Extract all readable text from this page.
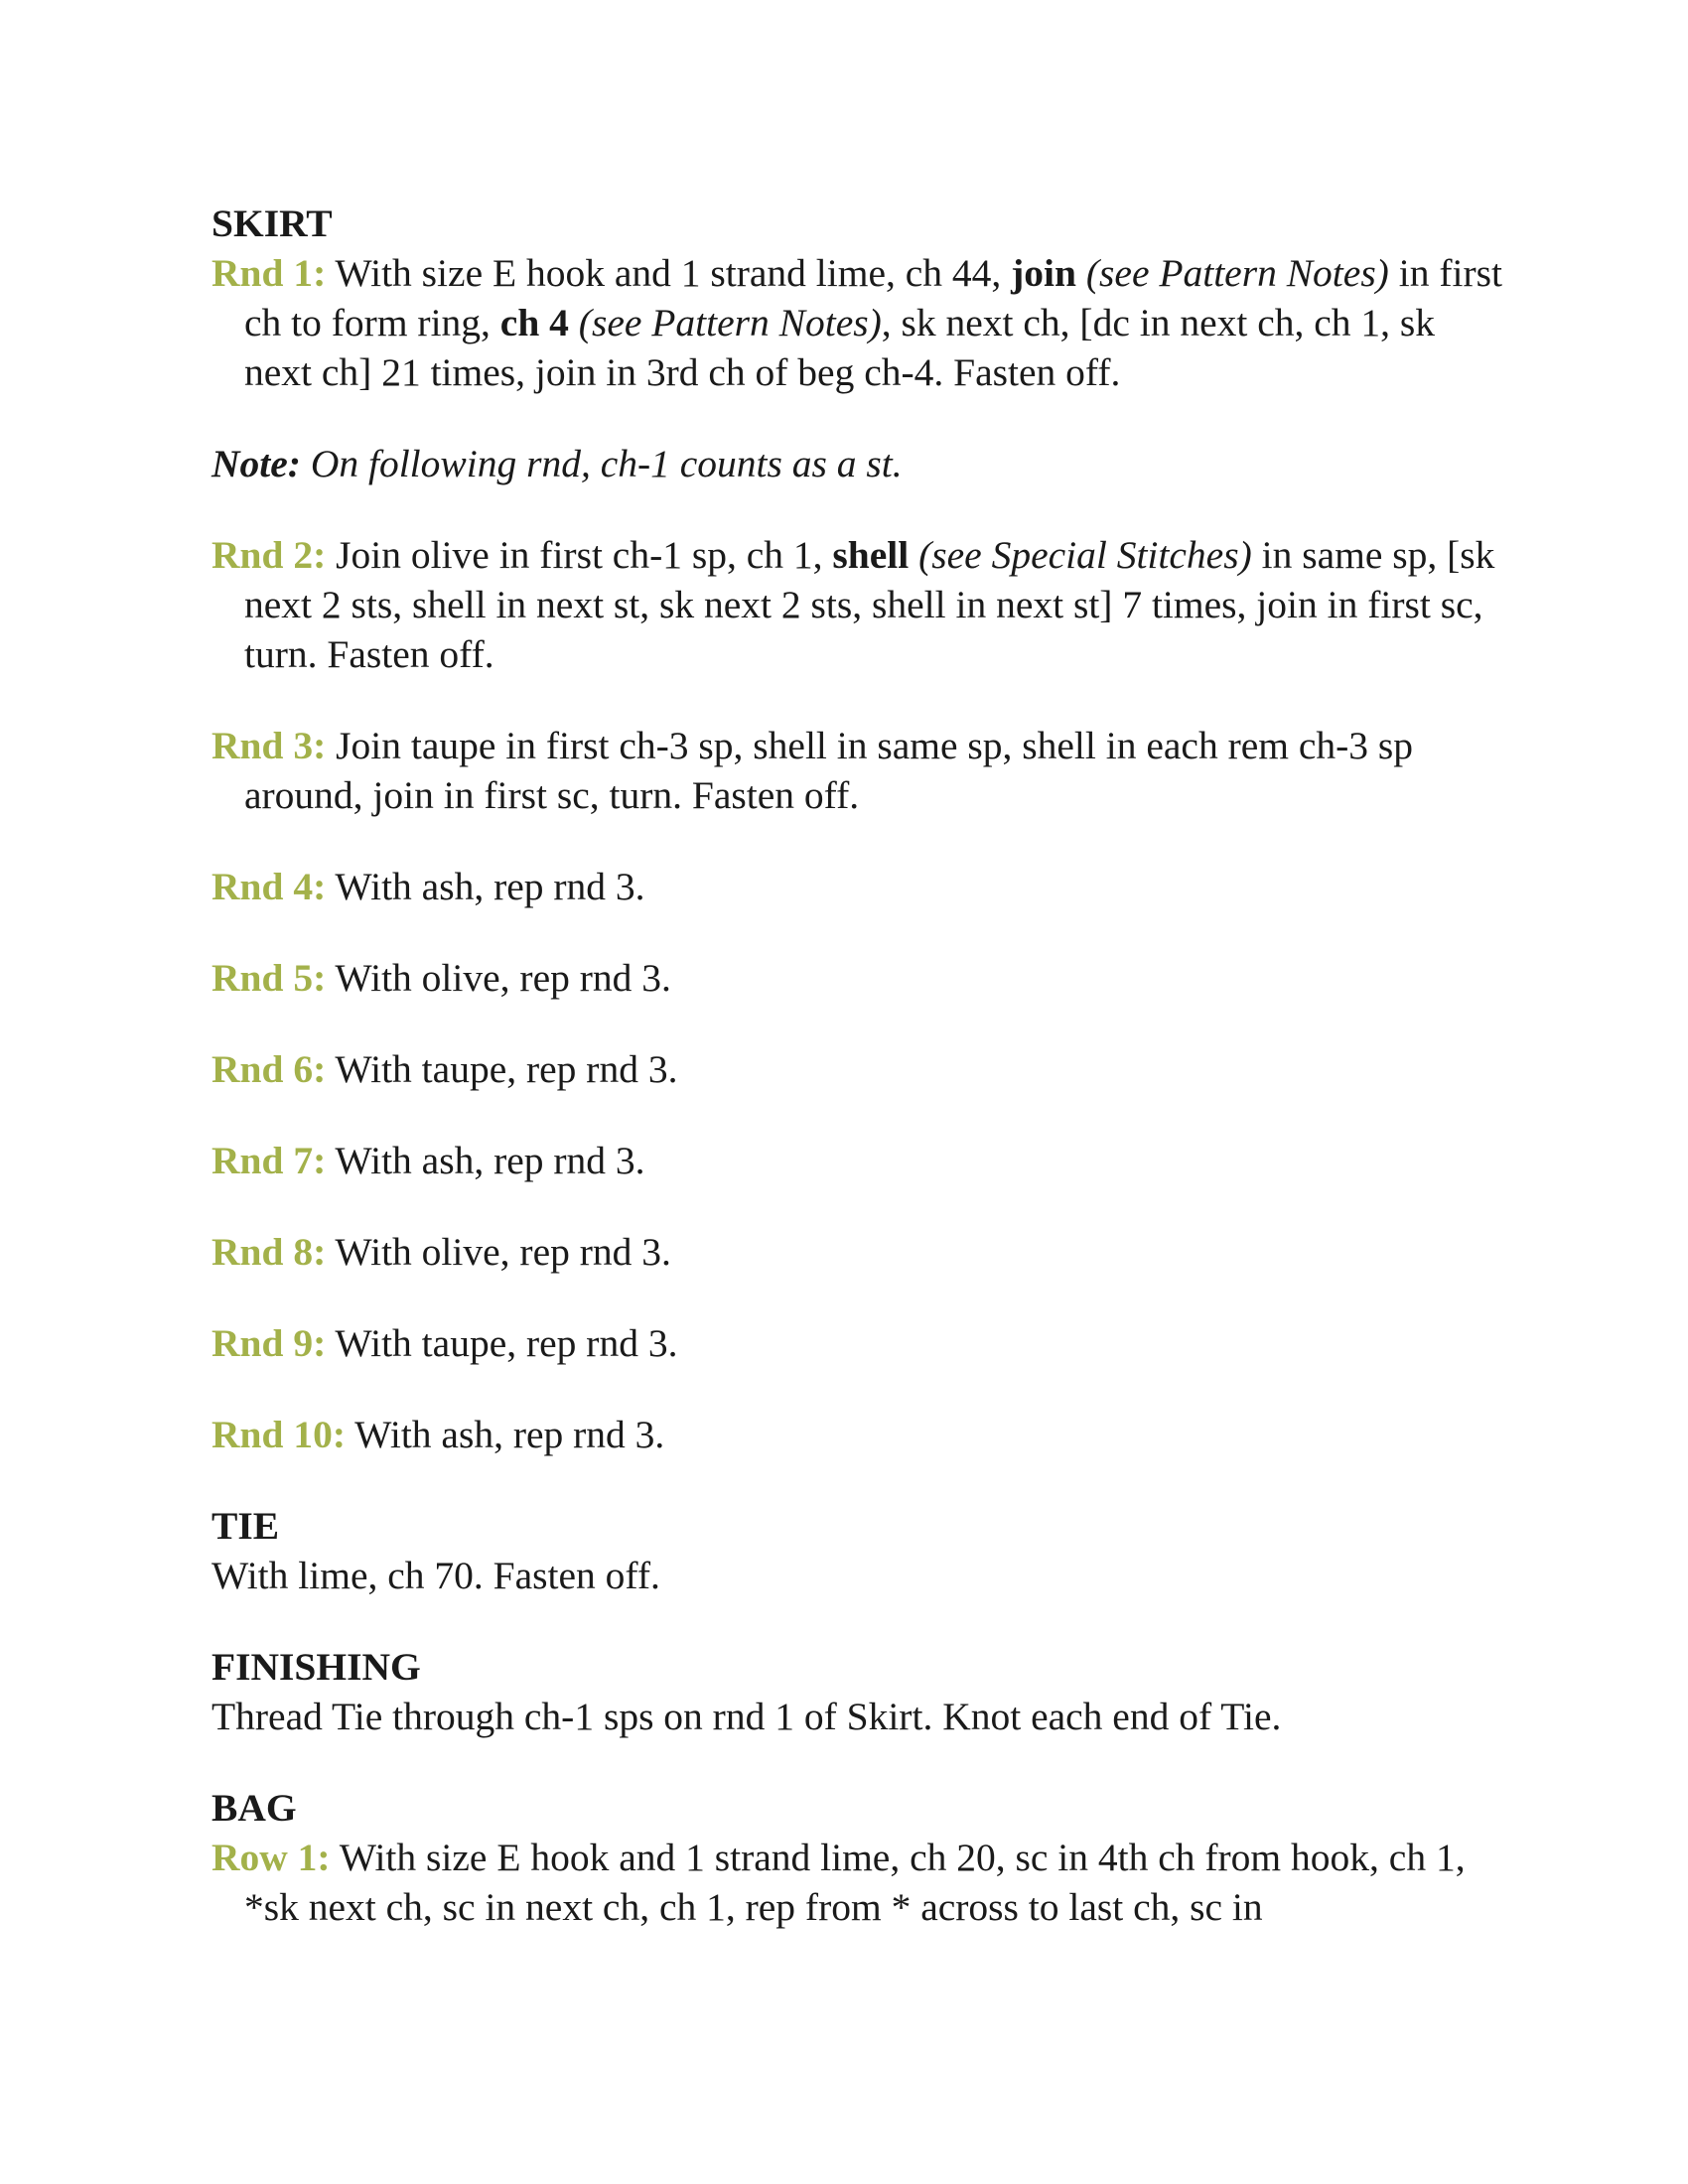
SKIRT

Rnd 1: With size E hook and 1 strand lime, ch 44, join (see Pattern Notes) in first ch to form ring, ch 4 (see Pattern Notes), sk next ch, [dc in next ch, ch 1, sk next ch] 21 times, join in 3rd ch of beg ch-4. Fasten off.

Note: On following rnd, ch-1 counts as a st.

Rnd 2: Join olive in first ch-1 sp, ch 1, shell (see Special Stitches) in same sp, [sk next 2 sts, shell in next st, sk next 2 sts, shell in next st] 7 times, join in first sc, turn. Fasten off.

Rnd 3: Join taupe in first ch-3 sp, shell in same sp, shell in each rem ch-3 sp around, join in first sc, turn. Fasten off.

Rnd 4: With ash, rep rnd 3.

Rnd 5: With olive, rep rnd 3.

Rnd 6: With taupe, rep rnd 3.

Rnd 7: With ash, rep rnd 3.

Rnd 8: With olive, rep rnd 3.

Rnd 9: With taupe, rep rnd 3.

Rnd 10: With ash, rep rnd 3.

TIE

With lime, ch 70. Fasten off.

FINISHING

Thread Tie through ch-1 sps on rnd 1 of Skirt. Knot each end of Tie.

BAG

Row 1: With size E hook and 1 strand lime, ch 20, sc in 4th ch from hook, ch 1, *sk next ch, sc in next ch, ch 1, rep from * across to last ch, sc in
